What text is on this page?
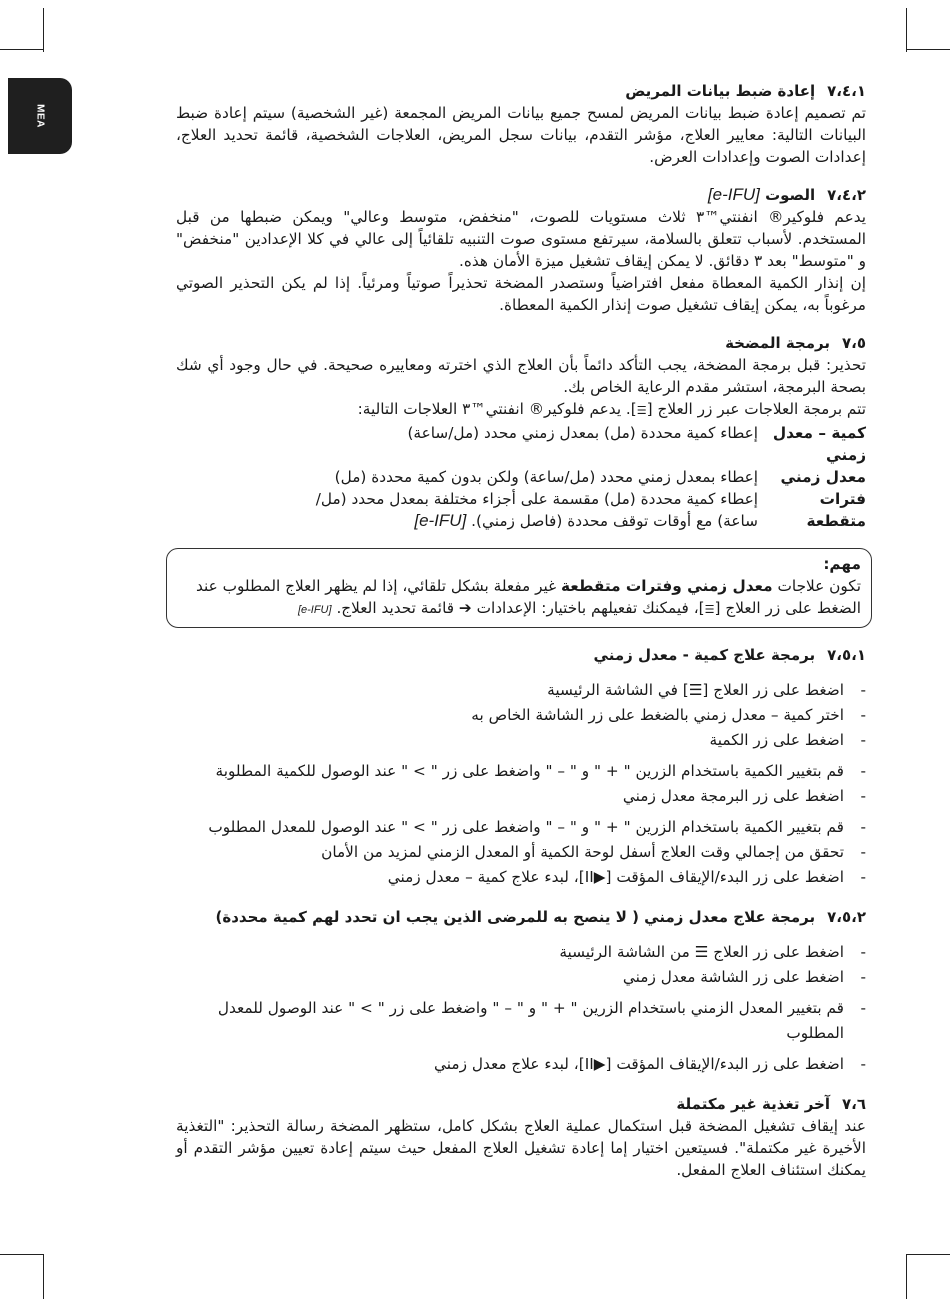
MEA
٧،٤،١إعادة ضبط بيانات المريض

تم تصميم إعادة ضبط بيانات المريض لمسح جميع بيانات المريض المجمعة (غير الشخصية) سيتم إعادة ضبط البيانات التالية: معايير العلاج، مؤشر التقدم، بيانات سجل المريض، العلاجات الشخصية، قائمة تحديد العلاج، إعدادات الصوت وإعدادات العرض.

٧،٤،٢الصوت [e-IFU]

يدعم فلوكير® انفنتي™٣ ثلاث مستويات للصوت، "منخفض، متوسط وعالي" ويمكن ضبطها من قبل المستخدم. لأسباب تتعلق بالسلامة، سيرتفع مستوى صوت التنبيه تلقائياً إلى عالي في كلا الإعدادين "منخفض" و "متوسط" بعد ٣ دقائق. لا يمكن إيقاف تشغيل ميزة الأمان هذه.

إن إنذار الكمية المعطاة مفعل افتراضياً وستصدر المضخة تحذيراً صوتياً ومرئياً. إذا لم يكن التحذير الصوتي مرغوباً به، يمكن إيقاف تشغيل صوت إنذار الكمية المعطاة.

٧،٥برمجة المضخة

تحذير: قبل برمجة المضخة، يجب التأكد دائماً بأن العلاج الذي اخترته ومعاييره صحيحة. في حال وجود أي شك بصحة البرمجة، استشر مقدم الرعاية الخاص بك.

تتم برمجة العلاجات عبر زر العلاج [☰]. يدعم فلوكير® انفنتي™٣ العلاجات التالية:

كمية – معدل زمني
إعطاء كمية محددة (مل) بمعدل زمني محدد (مل/ساعة)
معدل زمني
إعطاء بمعدل زمني محدد (مل/ساعة) ولكن بدون كمية محددة (مل)
فترات متقطعة
إعطاء كمية محددة (مل) مقسمة على أجزاء مختلفة بمعدل محدد (مل/ساعة) مع أوقات توقف محددة (فاصل زمني). [e-IFU]
مهم:

تكون علاجات معدل زمني وفترات متقطعة غير مفعلة بشكل تلقائي، إذا لم يظهر العلاج المطلوب عند الضغط على زر العلاج [☰]، فيمكنك تفعيلهم باختيار: الإعدادات ➔ قائمة تحديد العلاج. [e-IFU]

٧،٥،١برمجة علاج كمية - معدل زمني
- اضغط على زر العلاج [☰] في الشاشة الرئيسية
- اختر كمية – معدل زمني بالضغط على زر الشاشة الخاص به
- اضغط على زر الكمية
- قم بتغيير الكمية باستخدام الزرين " + " و " – " واضغط على زر " > " عند الوصول للكمية المطلوبة
- اضغط على زر البرمجة معدل زمني
- قم بتغيير الكمية باستخدام الزرين " + " و " – " واضغط على زر " > " عند الوصول للمعدل المطلوب
- تحقق من إجمالي وقت العلاج أسفل لوحة الكمية أو المعدل الزمني لمزيد من الأمان
- اضغط على زر البدء/الإيقاف المؤقت [▶II]، لبدء علاج كمية – معدل زمني
٧،٥،٢برمجة علاج معدل زمني ( لا ينصح به للمرضى الذين يجب ان تحدد لهم كمية محددة)
- اضغط على زر العلاج ☰ من الشاشة الرئيسية
- اضغط على زر الشاشة معدل زمني
- قم بتغيير المعدل الزمني باستخدام الزرين " + " و " – " واضغط على زر " > " عند الوصول للمعدل المطلوب
- اضغط على زر البدء/الإيقاف المؤقت [▶II]، لبدء علاج معدل زمني
٧،٦آخر تغذية غير مكتملة

عند إيقاف تشغيل المضخة قبل استكمال عملية العلاج بشكل كامل، ستظهر المضخة رسالة التحذير: "التغذية الأخيرة غير مكتملة". فسيتعين اختيار إما إعادة تشغيل العلاج المفعل حيث سيتم إعادة تعيين مؤشر التقدم أو يمكنك استئناف العلاج المفعل.
